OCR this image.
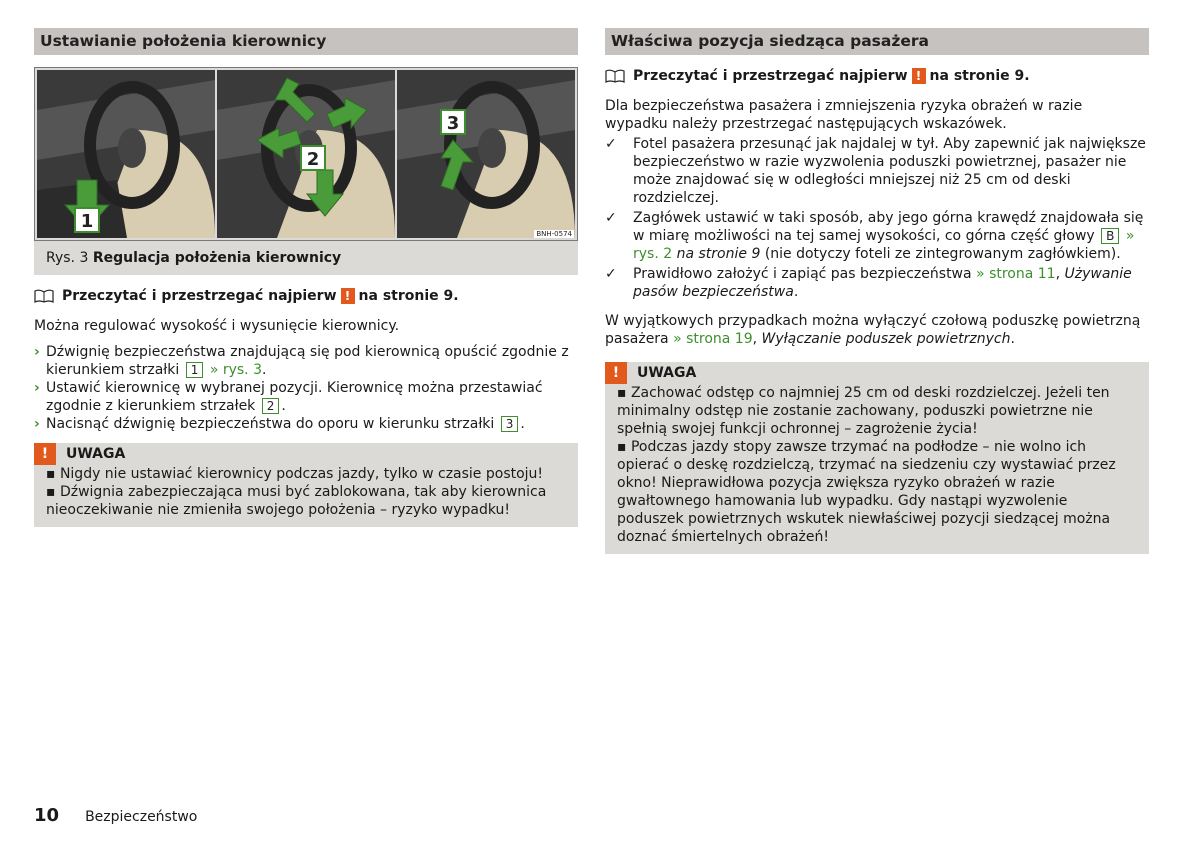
Ustawianie położenia kierownicy
1
2
3
BNH-0574
Rys. 3 Regulacja położenia kierownicy
Przeczytać i przestrzegać najpierw ! na stronie 9.

Można regulować wysokość i wysunięcie kierownicy.

› Dźwignię bezpieczeństwa znajdującą się pod kierownicą opuścić zgodnie z kierunkiem strzałki 1 » rys. 3.
› Ustawić kierownicę w wybranej pozycji. Kierownicę można przestawiać zgodnie z kierunkiem strzałek 2 .
› Nacisnąć dźwignię bezpieczeństwa do oporu w kierunku strzałki 3 .
!	UWAGA
▪ Nigdy nie ustawiać kierownicy podczas jazdy, tylko w czasie postoju!
▪ Dźwignia zabezpieczająca musi być zablokowana, tak aby kierownica nieoczekiwanie nie zmieniła swojego położenia – ryzyko wypadku!
Właściwa pozycja siedząca pasażera
Przeczytać i przestrzegać najpierw ! na stronie 9.

Dla bezpieczeństwa pasażera i zmniejszenia ryzyka obrażeń w razie wypadku należy przestrzegać następujących wskazówek.

✓ Fotel pasażera przesunąć jak najdalej w tył. Aby zapewnić jak największe bezpieczeństwo w razie wyzwolenia poduszki powietrznej, pasażer nie może znajdować się w odległości mniejszej niż 25 cm od deski rozdzielczej.
✓ Zagłówek ustawić w taki sposób, aby jego górna krawędź znajdowała się w miarę możliwości na tej samej wysokości, co górna część głowy B » rys. 2 na stronie 9 (nie dotyczy foteli ze zintegrowanym zagłówkiem).
✓ Prawidłowo założyć i zapiąć pas bezpieczeństwa » strona 11, Używanie pasów bezpieczeństwa.

W wyjątkowych przypadkach można wyłączyć czołową poduszkę powietrzną pasażera » strona 19, Wyłączanie poduszek powietrznych.

!	UWAGA
▪ Zachować odstęp co najmniej 25 cm od deski rozdzielczej. Jeżeli ten minimalny odstęp nie zostanie zachowany, poduszki powietrzne nie spełnią swojej funkcji ochronnej – zagrożenie życia!
▪ Podczas jazdy stopy zawsze trzymać na podłodze – nie wolno ich opierać o deskę rozdzielczą, trzymać na siedzeniu czy wystawiać przez okno! Nieprawidłowa pozycja zwiększa ryzyko obrażeń w razie gwałtownego hamowania lub wypadku. Gdy nastąpi wyzwolenie poduszek powietrznych wskutek niewłaściwej pozycji siedzącej można doznać śmiertelnych obrażeń!
10 Bezpieczeństwo
